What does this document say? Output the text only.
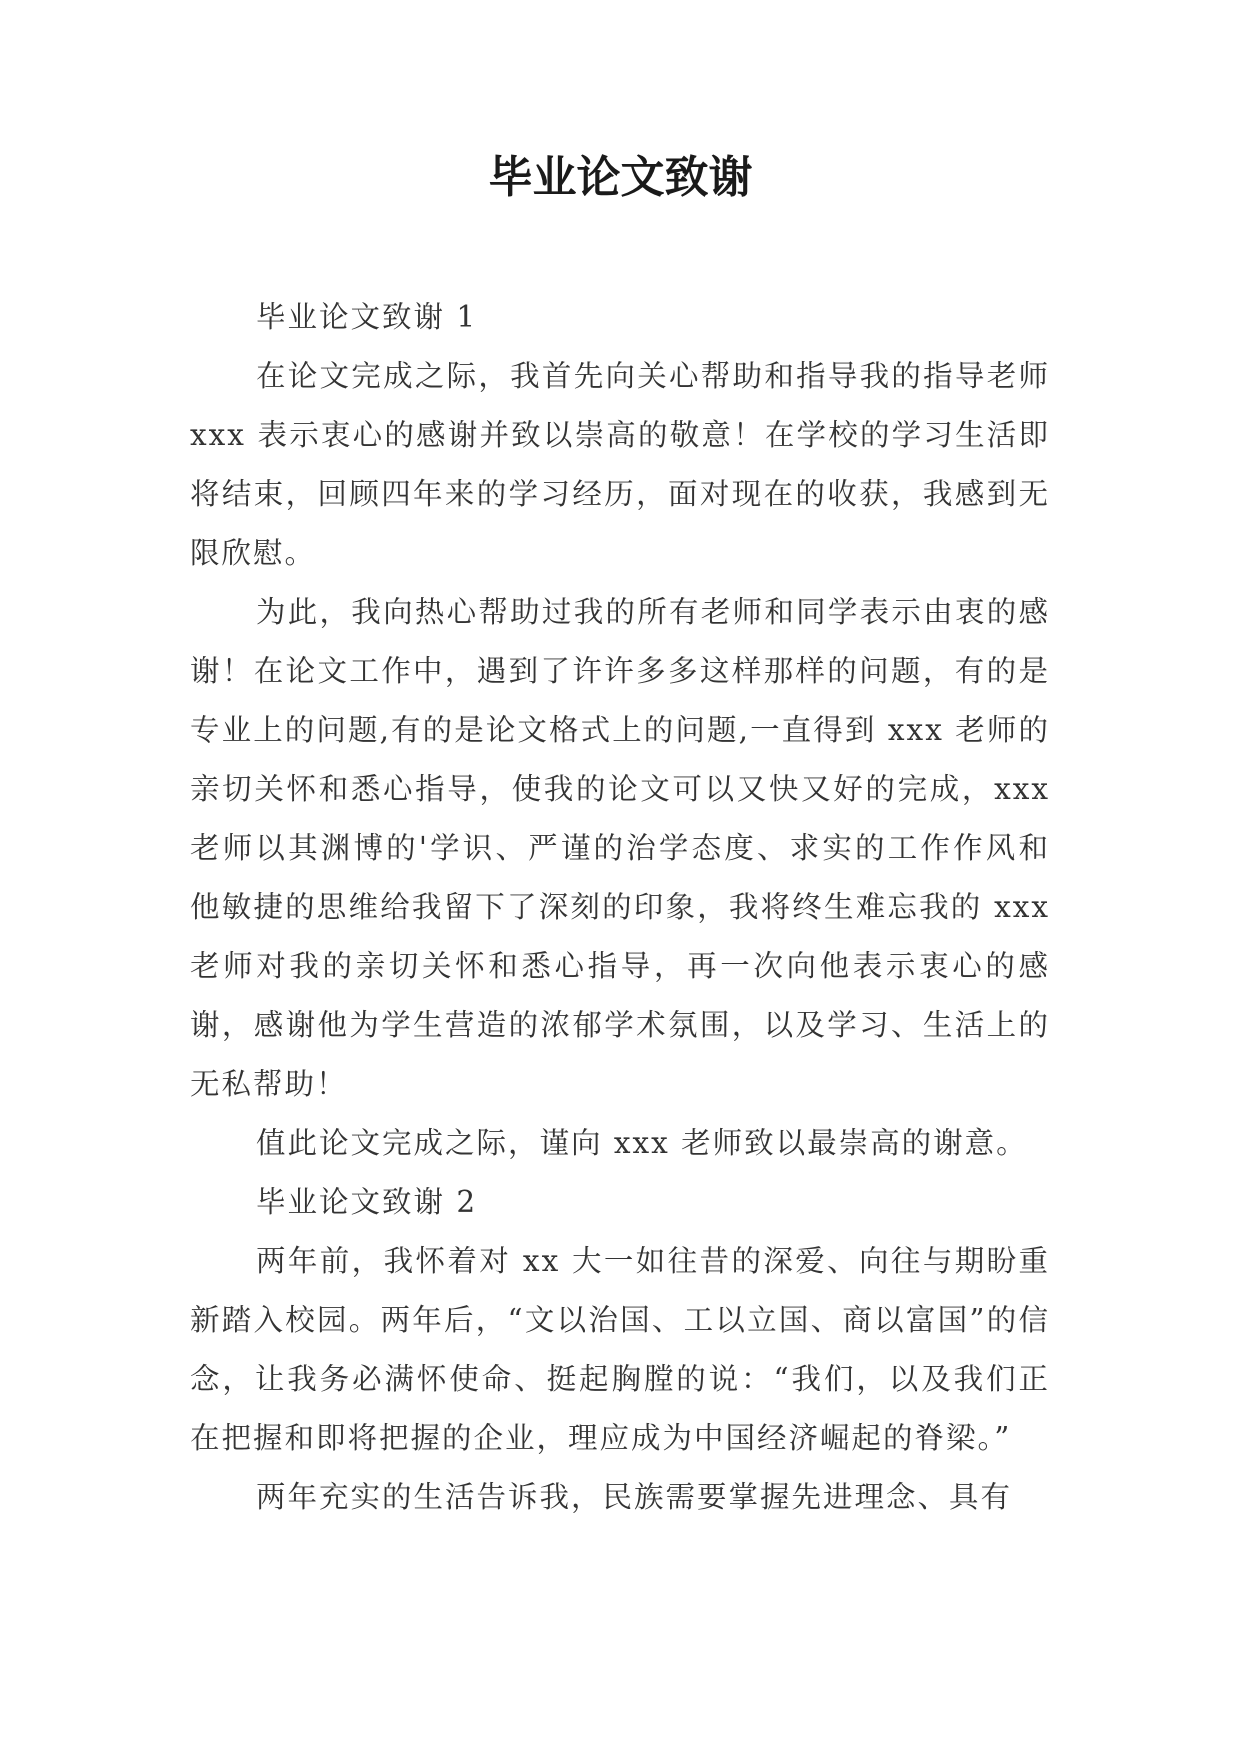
毕业论文致谢

毕业论文致谢 1

在论文完成之际，我首先向关心帮助和指导我的指导老师 xxx 表示衷心的感谢并致以崇高的敬意！在学校的学习生活即将结束，回顾四年来的学习经历，面对现在的收获，我感到无限欣慰。

为此，我向热心帮助过我的所有老师和同学表示由衷的感谢！在论文工作中，遇到了许许多多这样那样的问题，有的是专业上的问题,有的是论文格式上的问题,一直得到 xxx 老师的亲切关怀和悉心指导，使我的论文可以又快又好的完成，xxx 老师以其渊博的'学识、严谨的治学态度、求实的工作作风和他敏捷的思维给我留下了深刻的印象，我将终生难忘我的 xxx 老师对我的亲切关怀和悉心指导，再一次向他表示衷心的感谢，感谢他为学生营造的浓郁学术氛围，以及学习、生活上的无私帮助！

值此论文完成之际，谨向 xxx 老师致以最崇高的谢意。

毕业论文致谢 2

两年前，我怀着对 xx 大一如往昔的深爱、向往与期盼重新踏入校园。两年后，“文以治国、工以立国、商以富国”的信念，让我务必满怀使命、挺起胸膛的说：“我们，以及我们正在把握和即将把握的企业，理应成为中国经济崛起的脊梁。”

两年充实的生活告诉我，民族需要掌握先进理念、具有
